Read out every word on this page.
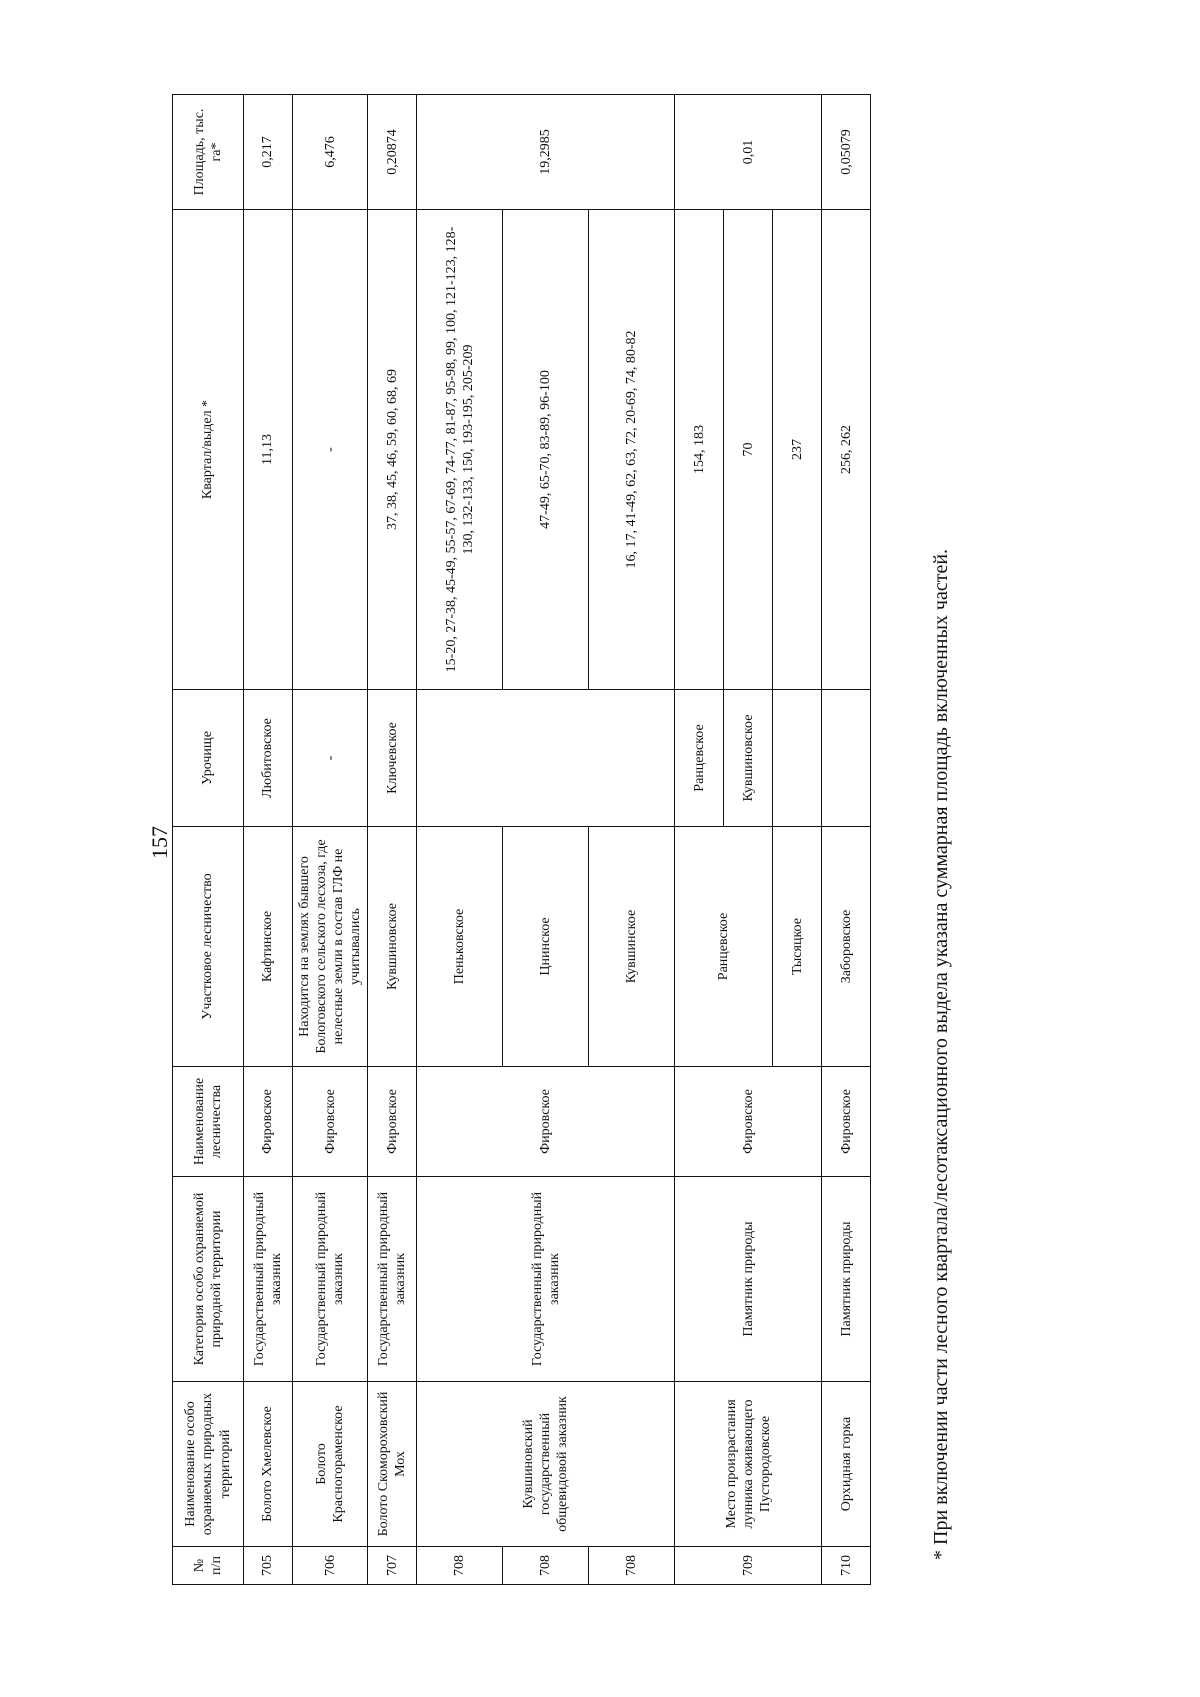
157
№ п/п	Наименование особо охраняемых природных территорий	Категория особо охраняемой природной территории	Наименование лесничества	Участковое лесничество	Урочище	Квартал/выдел *	Площадь, тыс. га*
705	Болото Хмелевское	Государственный природный заказник	Фировское	Кафтинское	Любитовское	11,13	0,217
706	Болото Красногораменское	Государственный природный заказник	Фировское	Находится на землях бывшего Бологовского сельского лесхоза, где нелесные земли в состав ГЛФ не учитывались	-	-	6,476
707	Болото Скомороховский Мох	Государственный природный заказник	Фировское	Кувшиновское	Ключевское	37, 38, 45, 46, 59, 60, 68, 69	0,20874
708	Кувшиновский государственный общевидовой заказник	Государственный природный заказник	Фировское	Пеньковское		15-20, 27-38, 45-49, 55-57, 67-69, 74-77, 81-87, 95-98, 99, 100, 121-123, 128-130, 132-133, 150, 193-195, 205-209	19,2985
708				Цнинское		47-49, 65-70, 83-89, 96-100	
708				Кувшинское		16, 17, 41-49, 62, 63, 72, 20-69, 74, 80-82	
709	Место произрастания лунника оживающего Пустородовское	Памятник природы	Фировское	Ранцевское	Ранцевское	154, 183	0,01
					Кувшиновское	70	
				Тысяцкое		237	
710	Орхидная горка	Памятник природы	Фировское	Заборовское		256, 262	0,05079
* При включении части лесного квартала/лесотаксационного выдела указана суммарная площадь включенных частей.
